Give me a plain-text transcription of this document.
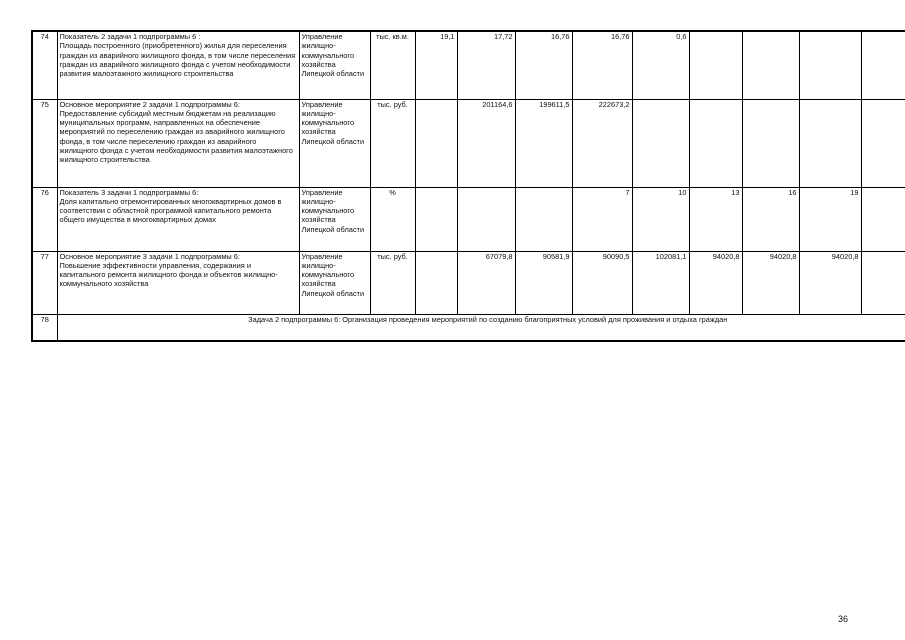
74	Показатель 2 задачи 1 подпрограммы 6 :
Площадь построенного (приобретенного) жилья для переселения граждан из аварийного жилищного фонда, в том числе переселения граждан из аварийного жилищного фонда с учетом необходимости развития малоэтажного жилищного строительства	Управление жилищно-коммунального хозяйства Липецкой области	тыс. кв.м.	19,1	17,72	16,76	16,76	0,6				
75	Основное мероприятие 2 задачи 1 подпрограммы 6:
Предоставление субсидий местным бюджетам на реализацию муниципальных программ, направленных на обеспечение мероприятий по переселению граждан из аварийного жилищного фонда, в том числе переселению граждан из аварийного жилищного фонда с учетом необходимости развития малоэтажного жилищного строительства	Управление жилищно-коммунального хозяйства Липецкой области	тыс. руб.		201164,6	199611,5	222673,2					
76	Показатель 3 задачи 1 подпрограммы 6:
Доля капитально отремонтированных многоквартирных домов в соответствии с областной программой капитального ремонта общего имущества в многоквартирных домах	Управление жилищно-коммунального хозяйства Липецкой области	%				7	10	13	16	19	
77	Основное мероприятие 3 задачи 1 подпрограммы 6:
Повышение эффективности управления, содержания и капитального ремонта жилищного фонда и объектов жилищно-коммунального хозяйства	Управление жилищно-коммунального хозяйства Липецкой области	тыс. руб.		67079,8	90581,9	90090,5	102081,1	94020,8	94020,8	94020,8	
78	Задача 2 подпрограммы 6: Организация проведения мероприятий по созданию благоприятных условий для проживания и отдыха граждан											
36
